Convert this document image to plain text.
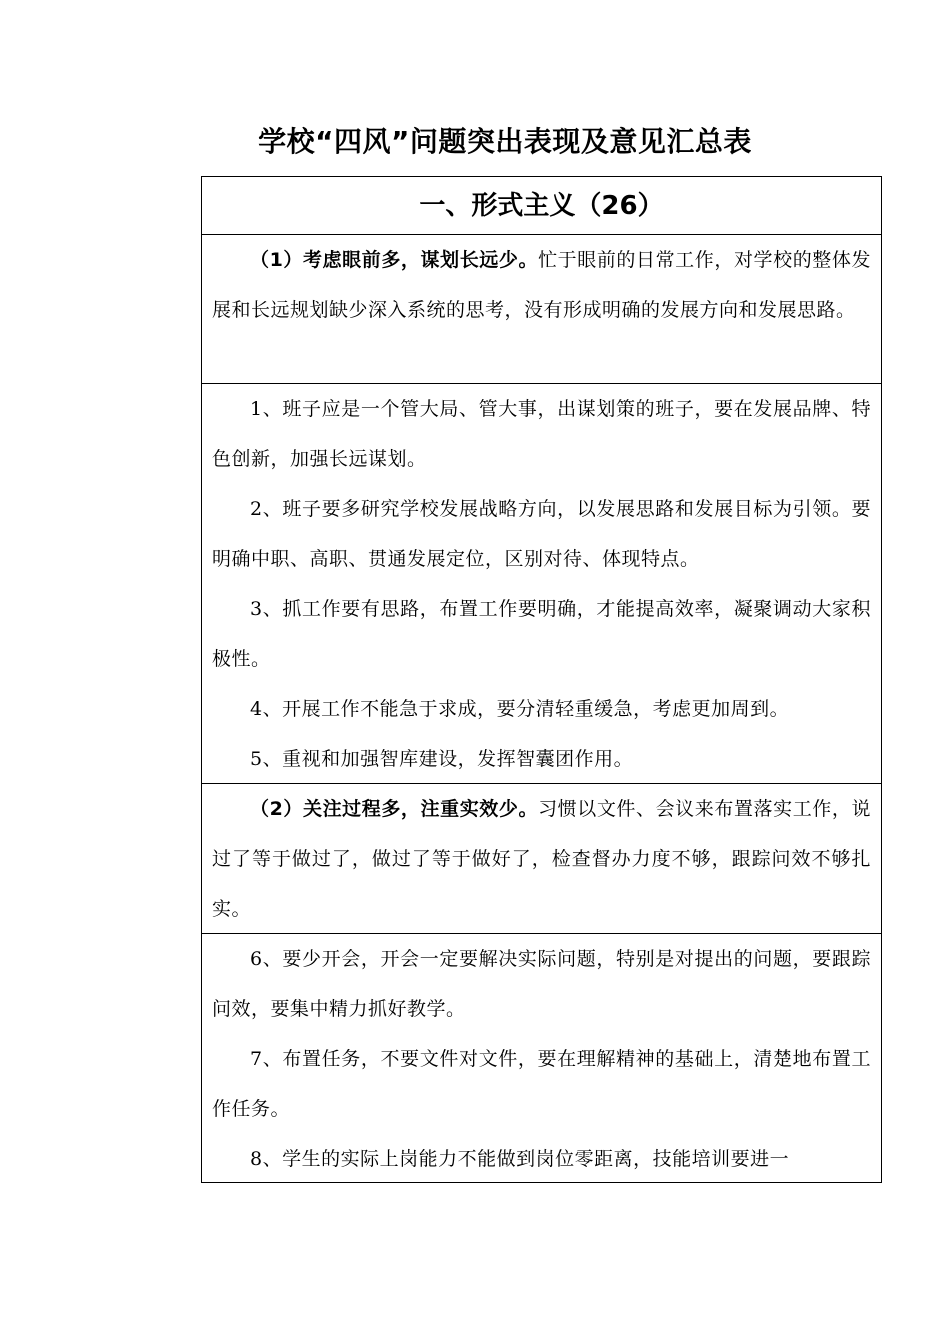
学校“四风”问题突出表现及意见汇总表
一、形式主义（26）

（1）考虑眼前多，谋划长远少。忙于眼前的日常工作，对学校的整体发展和长远规划缺少深入系统的思考，没有形成明确的发展方向和发展思路。

1、班子应是一个管大局、管大事，出谋划策的班子，要在发展品牌、特色创新，加强长远谋划。

2、班子要多研究学校发展战略方向，以发展思路和发展目标为引领。要明确中职、高职、贯通发展定位，区别对待、体现特点。

3、抓工作要有思路，布置工作要明确，才能提高效率，凝聚调动大家积极性。

4、开展工作不能急于求成，要分清轻重缓急，考虑更加周到。

5、重视和加强智库建设，发挥智囊团作用。

（2）关注过程多，注重实效少。习惯以文件、会议来布置落实工作，说过了等于做过了，做过了等于做好了，检查督办力度不够，跟踪问效不够扎实。

6、要少开会，开会一定要解决实际问题，特别是对提出的问题，要跟踪问效，要集中精力抓好教学。

7、布置任务，不要文件对文件，要在理解精神的基础上，清楚地布置工作任务。

8、学生的实际上岗能力不能做到岗位零距离，技能培训要进一
